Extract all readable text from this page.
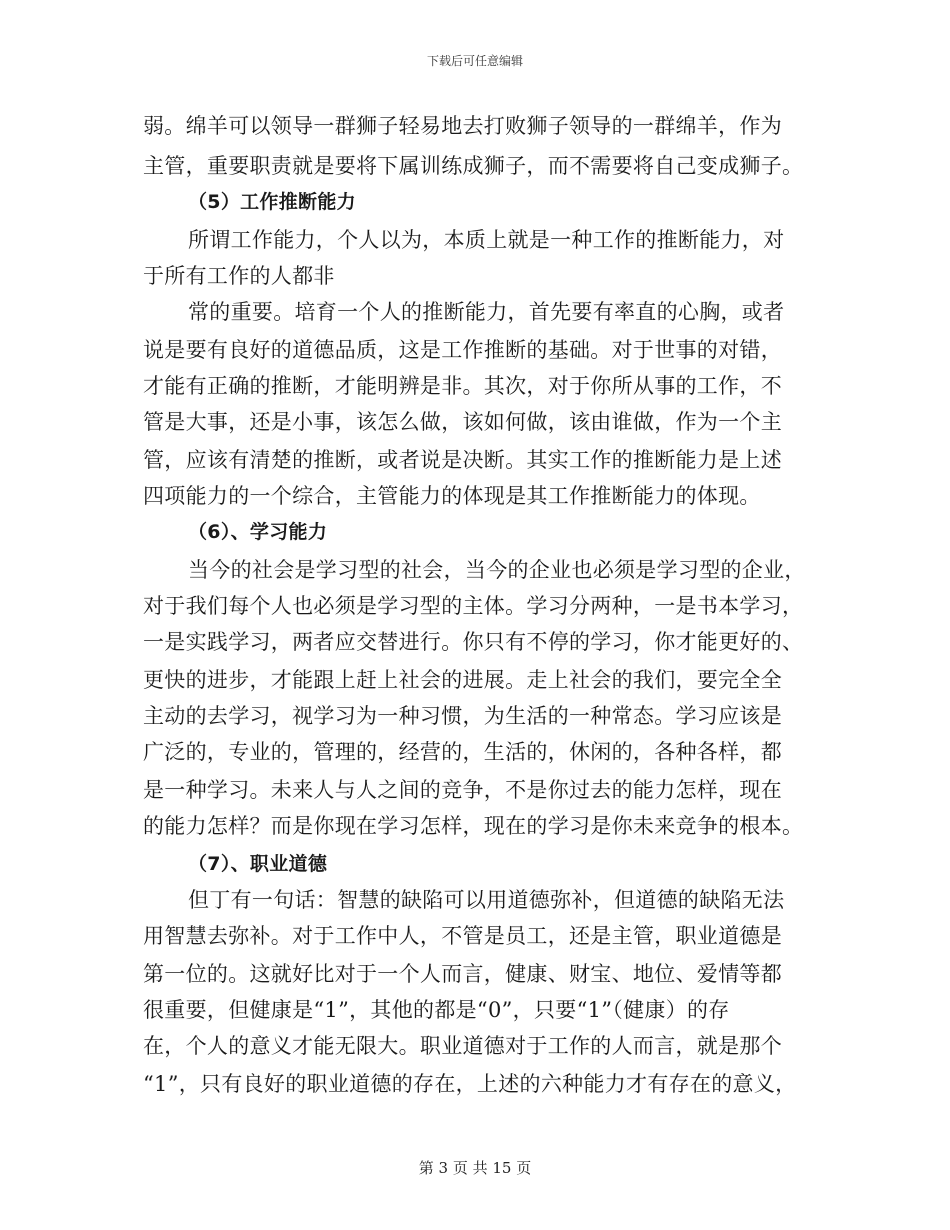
下载后可任意编辑
弱。绵羊可以领导一群狮子轻易地去打败狮子领导的一群绵羊，作为
主管，重要职责就是要将下属训练成狮子，而不需要将自己变成狮子。
（5）工作推断能力
所谓工作能力，个人以为，本质上就是一种工作的推断能力，对
于所有工作的人都非
常的重要。培育一个人的推断能力，首先要有率直的心胸，或者
说是要有良好的道德品质，这是工作推断的基础。对于世事的对错，
才能有正确的推断，才能明辨是非。其次，对于你所从事的工作，不
管是大事，还是小事，该怎么做，该如何做，该由谁做，作为一个主
管，应该有清楚的推断，或者说是决断。其实工作的推断能力是上述
四项能力的一个综合，主管能力的体现是其工作推断能力的体现。
（6）、学习能力
当今的社会是学习型的社会，当今的企业也必须是学习型的企业，
对于我们每个人也必须是学习型的主体。学习分两种，一是书本学习，
一是实践学习，两者应交替进行。你只有不停的学习，你才能更好的、
更快的进步，才能跟上赶上社会的进展。走上社会的我们，要完全全
主动的去学习，视学习为一种习惯，为生活的一种常态。学习应该是
广泛的，专业的，管理的，经营的，生活的，休闲的，各种各样，都
是一种学习。未来人与人之间的竞争，不是你过去的能力怎样，现在
的能力怎样？而是你现在学习怎样，现在的学习是你未来竞争的根本。
（7）、职业道德
但丁有一句话：智慧的缺陷可以用道德弥补，但道德的缺陷无法
用智慧去弥补。对于工作中人，不管是员工，还是主管，职业道德是
第一位的。这就好比对于一个人而言，健康、财宝、地位、爱情等都
很重要，但健康是“1”，其他的都是“0”，只要“1”（健康）的存
在，个人的意义才能无限大。职业道德对于工作的人而言，就是那个
“1”，只有良好的职业道德的存在，上述的六种能力才有存在的意义，
第 3 页 共 15 页
